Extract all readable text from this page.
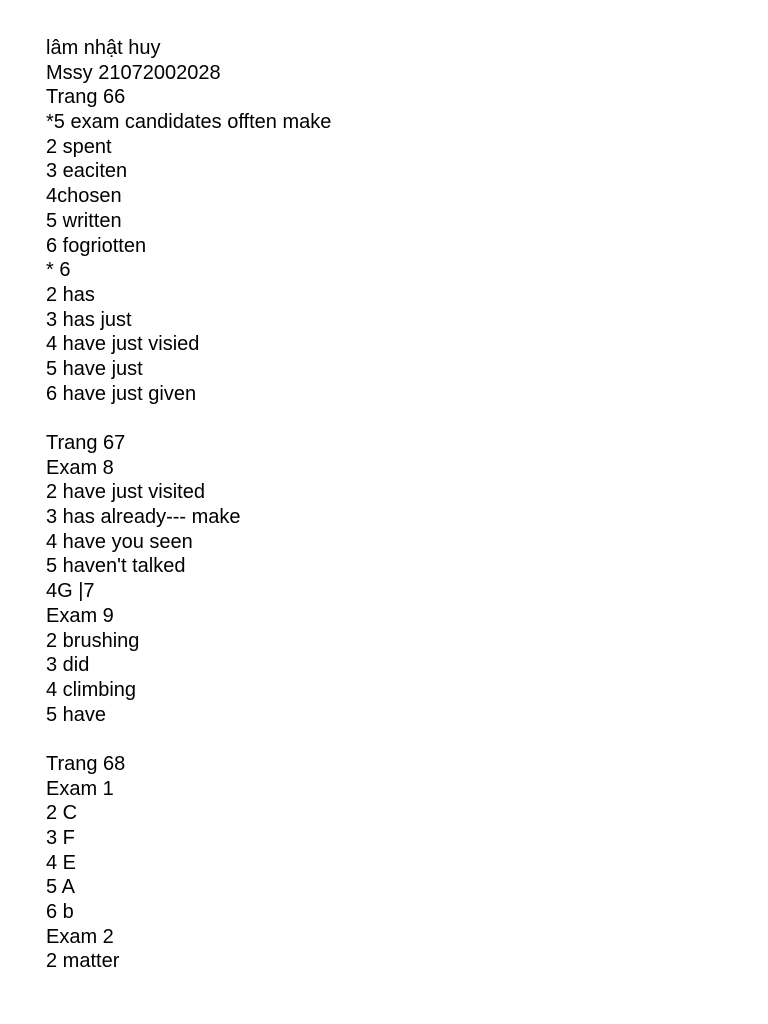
lâm nhật huy
Mssy 21072002028
Trang 66
*5 exam candidates offten make
2 spent
3 eaciten
4chosen
5 written
6 fogriotten
* 6
2 has
3 has just
4 have just visied
5 have just
6 have just given
Trang 67
Exam 8
2 have just visited
3 has already--- make
4 have you seen
5 haven't talked
4G |7
Exam 9
2 brushing
3 did
4 climbing
5 have
Trang 68
Exam 1
2 C
3 F
4 E
5 A
6 b
Exam 2
2 matter
